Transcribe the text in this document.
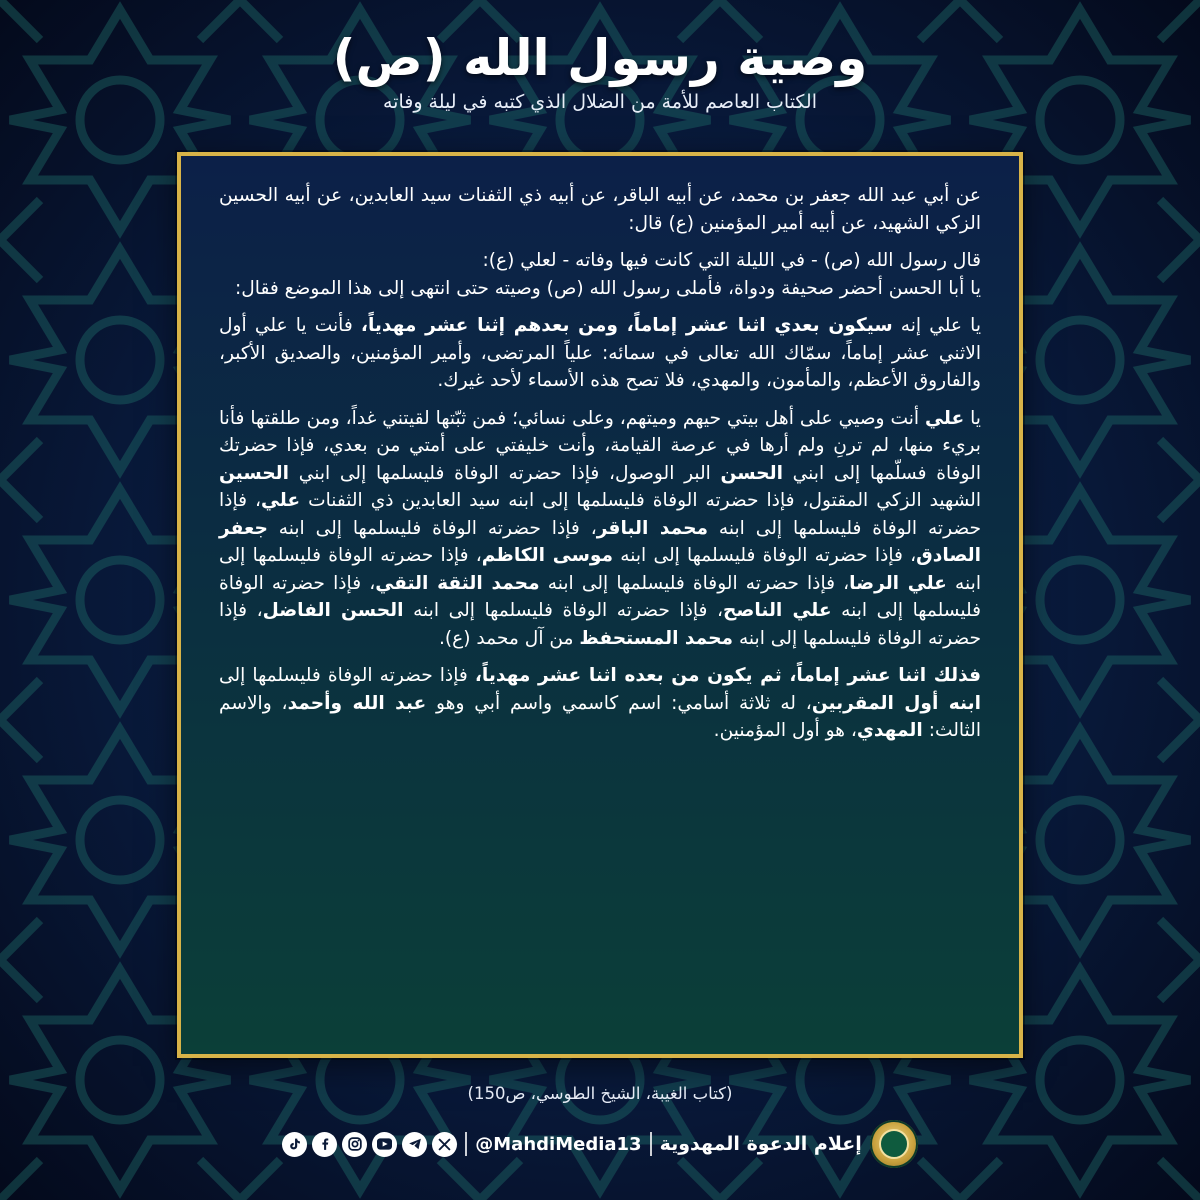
وصية رسول الله (ص)
الكتاب العاصم للأمة من الضلال الذي كتبه في ليلة وفاته

عن أبي عبد الله جعفر بن محمد، عن أبيه الباقر، عن أبيه ذي الثفنات سيد العابدين، عن أبيه الحسين الزكي الشهيد، عن أبيه أمير المؤمنين (ع) قال:

قال رسول الله (ص) - في الليلة التي كانت فيها وفاته - لعلي (ع):
يا أبا الحسن أحضر صحيفة ودواة، فأملى رسول الله (ص) وصيته حتى انتهى إلى هذا الموضع فقال:

يا علي إنه سيكون بعدي اثنا عشر إماماً، ومن بعدهم إثنا عشر مهدياً، فأنت يا علي أول الاثني عشر إماماً، سمّاك الله تعالى في سمائه: علياً المرتضى، وأمير المؤمنين، والصديق الأكبر، والفاروق الأعظم، والمأمون، والمهدي، فلا تصح هذه الأسماء لأحد غيرك.

يا علي أنت وصيي على أهل بيتي حيهم وميتهم، وعلى نسائي؛ فمن ثبّتها لقيتني غداً، ومن طلقتها فأنا بريء منها، لم ترنِ ولم أرها في عرصة القيامة، وأنت خليفتي على أمتي من بعدي، فإذا حضرتك الوفاة فسلّمها إلى ابني الحسن البر الوصول، فإذا حضرته الوفاة فليسلمها إلى ابني الحسين الشهيد الزكي المقتول، فإذا حضرته الوفاة فليسلمها إلى ابنه سيد العابدين ذي الثفنات علي، فإذا حضرته الوفاة فليسلمها إلى ابنه محمد الباقر، فإذا حضرته الوفاة فليسلمها إلى ابنه جعفر الصادق، فإذا حضرته الوفاة فليسلمها إلى ابنه موسى الكاظم، فإذا حضرته الوفاة فليسلمها إلى ابنه علي الرضا، فإذا حضرته الوفاة فليسلمها إلى ابنه محمد الثقة التقي، فإذا حضرته الوفاة فليسلمها إلى ابنه علي الناصح، فإذا حضرته الوفاة فليسلمها إلى ابنه الحسن الفاضل، فإذا حضرته الوفاة فليسلمها إلى ابنه محمد المستحفظ من آل محمد (ع).

فذلك اثنا عشر إماماً، ثم يكون من بعده اثنا عشر مهدياً، فإذا حضرته الوفاة فليسلمها إلى ابنه أول المقربين، له ثلاثة أسامي: اسم كاسمي واسم أبي وهو عبد الله وأحمد، والاسم الثالث: المهدي، هو أول المؤمنين.

(كتاب الغيبة، الشيخ الطوسي، ص150)
إعلام الدعوة المهدوية
@MahdiMedia13
